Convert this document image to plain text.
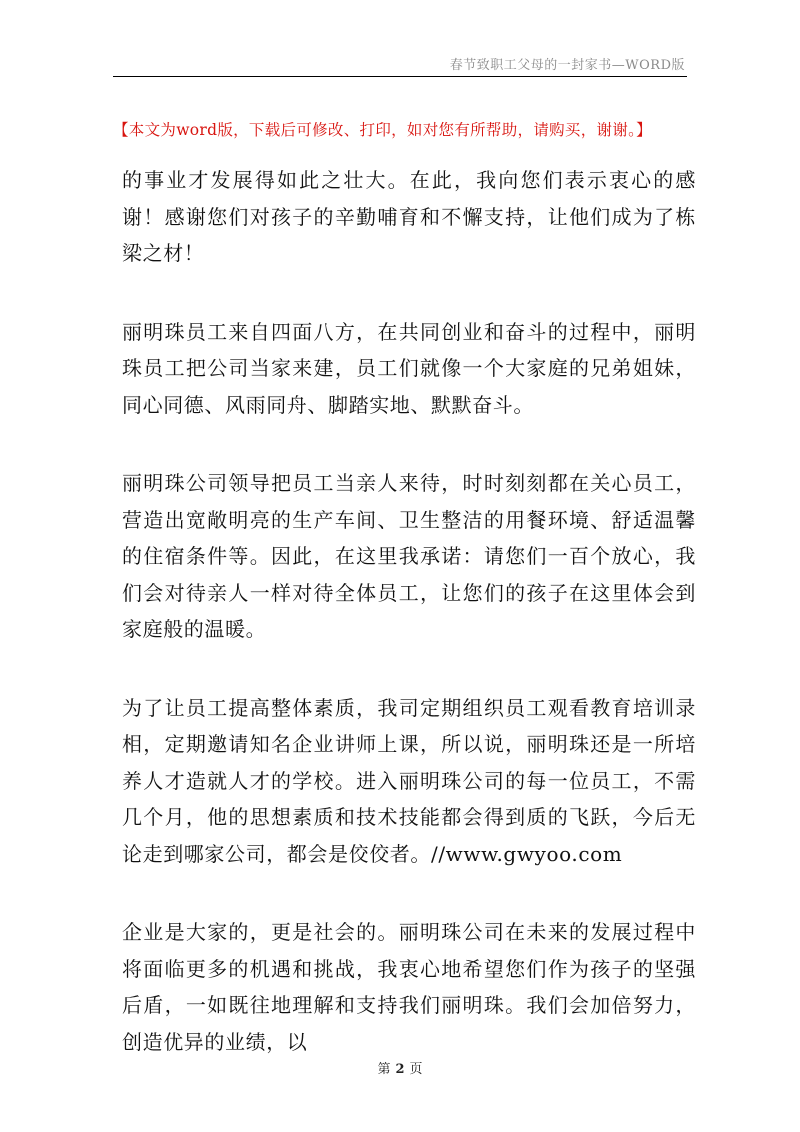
春节致职工父母的一封家书—WORD版
【本文为word版，下载后可修改、打印，如对您有所帮助，请购买，谢谢。】

的事业才发展得如此之壮大。在此，我向您们表示衷心的感谢！感谢您们对孩子的辛勤哺育和不懈支持，让他们成为了栋梁之材！

丽明珠员工来自四面八方，在共同创业和奋斗的过程中，丽明珠员工把公司当家来建，员工们就像一个大家庭的兄弟姐妹，同心同德、风雨同舟、脚踏实地、默默奋斗。

丽明珠公司领导把员工当亲人来待，时时刻刻都在关心员工，营造出宽敞明亮的生产车间、卫生整洁的用餐环境、舒适温馨的住宿条件等。因此，在这里我承诺：请您们一百个放心，我们会对待亲人一样对待全体员工，让您们的孩子在这里体会到家庭般的温暖。

为了让员工提高整体素质，我司定期组织员工观看教育培训录相，定期邀请知名企业讲师上课，所以说，丽明珠还是一所培养人才造就人才的学校。进入丽明珠公司的每一位员工，不需几个月，他的思想素质和技术技能都会得到质的飞跃，今后无论走到哪家公司，都会是佼佼者。//www.gwyoo.com

企业是大家的，更是社会的。丽明珠公司在未来的发展过程中将面临更多的机遇和挑战，我衷心地希望您们作为孩子的坚强后盾，一如既往地理解和支持我们丽明珠。我们会加倍努力，创造优异的业绩，以

第 2 页
